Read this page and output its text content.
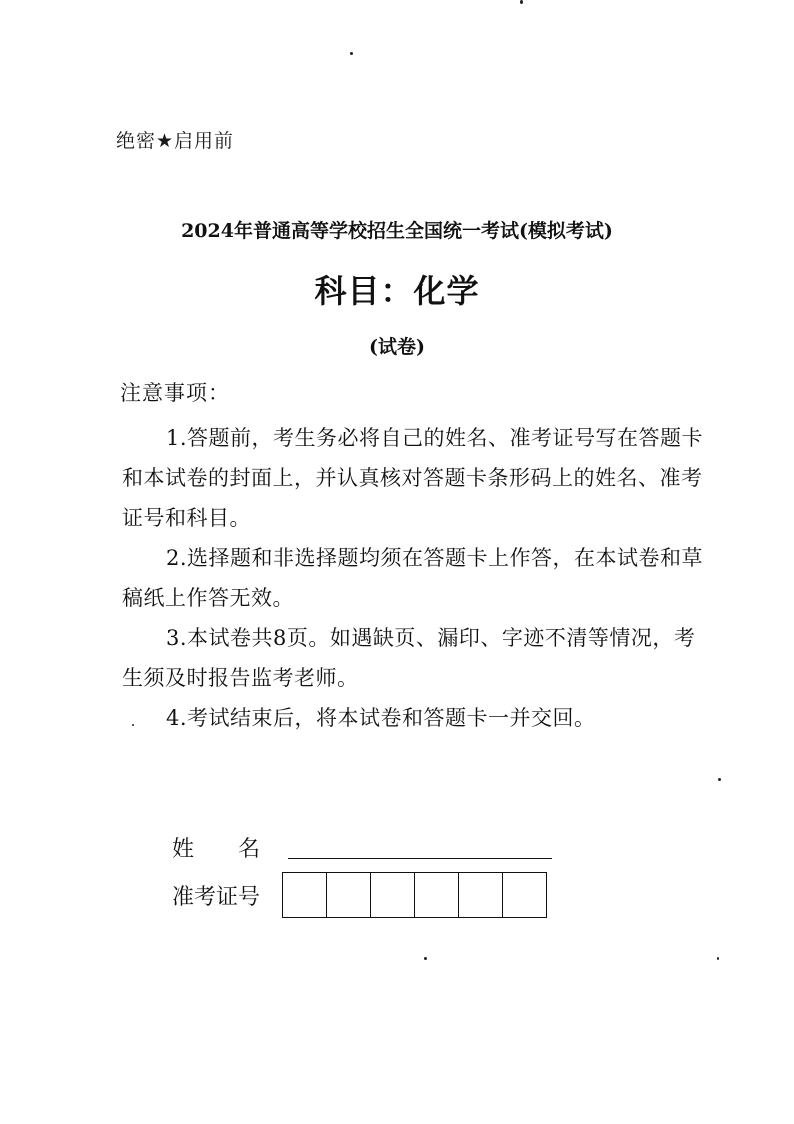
绝密★启用前
2024年普通高等学校招生全国统一考试(模拟考试)
科目：化学
(试卷)
注意事项：

1.答题前，考生务必将自己的姓名、准考证号写在答题卡和本试卷的封面上，并认真核对答题卡条形码上的姓名、准考证号和科目。

2.选择题和非选择题均须在答题卡上作答，在本试卷和草稿纸上作答无效。

3.本试卷共8页。如遇缺页、漏印、字迹不清等情况，考生须及时报告监考老师。

4.考试结束后，将本试卷和答题卡一并交回。

姓　　名
准考证号
